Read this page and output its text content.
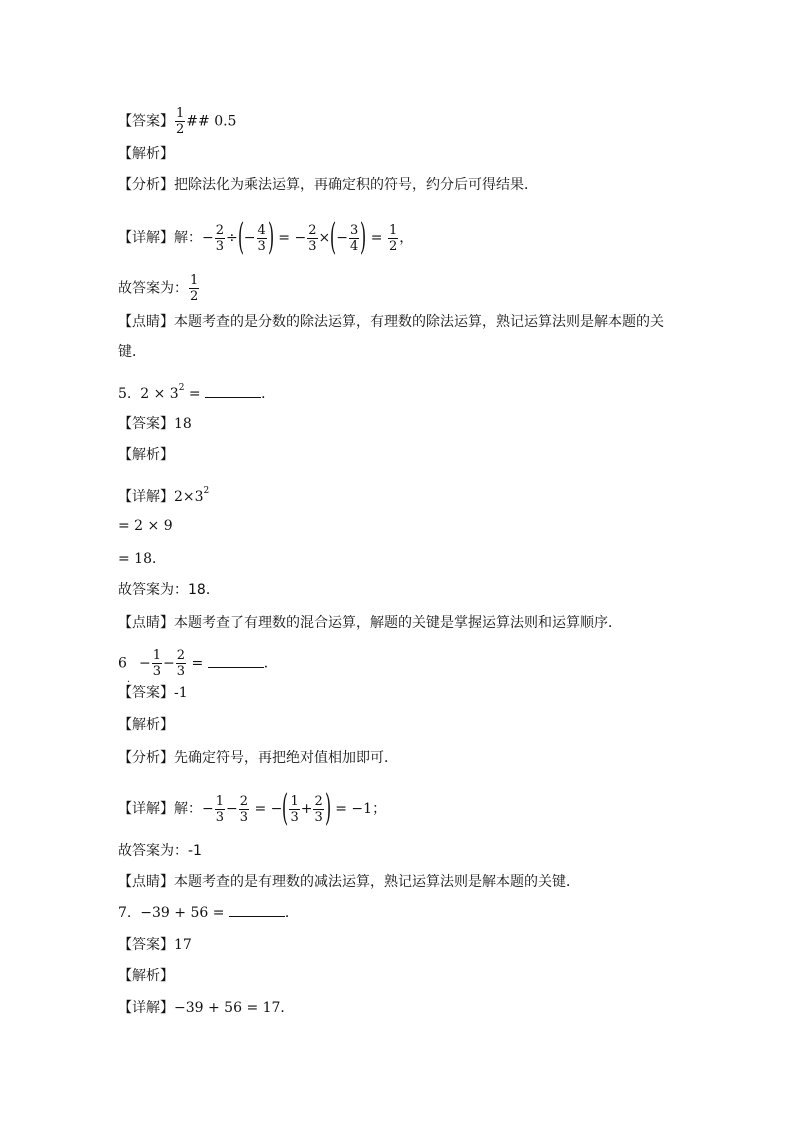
【答案】 $\frac{1}{2}$ ## 0.5
【解析】
【分析】把除法化为乘法运算，再确定积的符号，约分后可得结果．
【详解】解：− $\frac{2}{3}$ ÷(− $\frac{4}{3}$ ) = − $\frac{2}{3}$ ×(− $\frac{3}{4}$ ) = $\frac{1}{2}$ ，
故答案为： $\frac{1}{2}$
【点睛】本题考查的是分数的除法运算，有理数的除法运算，熟记运算法则是解本题的关
键．
5. $2 \times 3^2$ =	．
【答案】18
【解析】
【详解】$2\times 3^2$
= 2 × 9
= 18．
故答案为：18．
【点睛】本题考查了有理数的混合运算，解题的关键是掌握运算法则和运算顺序．
$6_. - \frac{1}{3} - \frac{2}{3}$ =	．
【答案】-1
【解析】
【分析】先确定符号，再把绝对值相加即可．
【详解】解：− $\frac{1}{3} - \frac{2}{3}$ = −( $\frac{1}{3} + \frac{2}{3}$ ) = −1；
故答案为：-1
【点睛】本题考查的是有理数的减法运算，熟记运算法则是解本题的关键．
7. −39 + 56 =	．
【答案】17
【解析】
【详解】−39 + 56 = 17．
